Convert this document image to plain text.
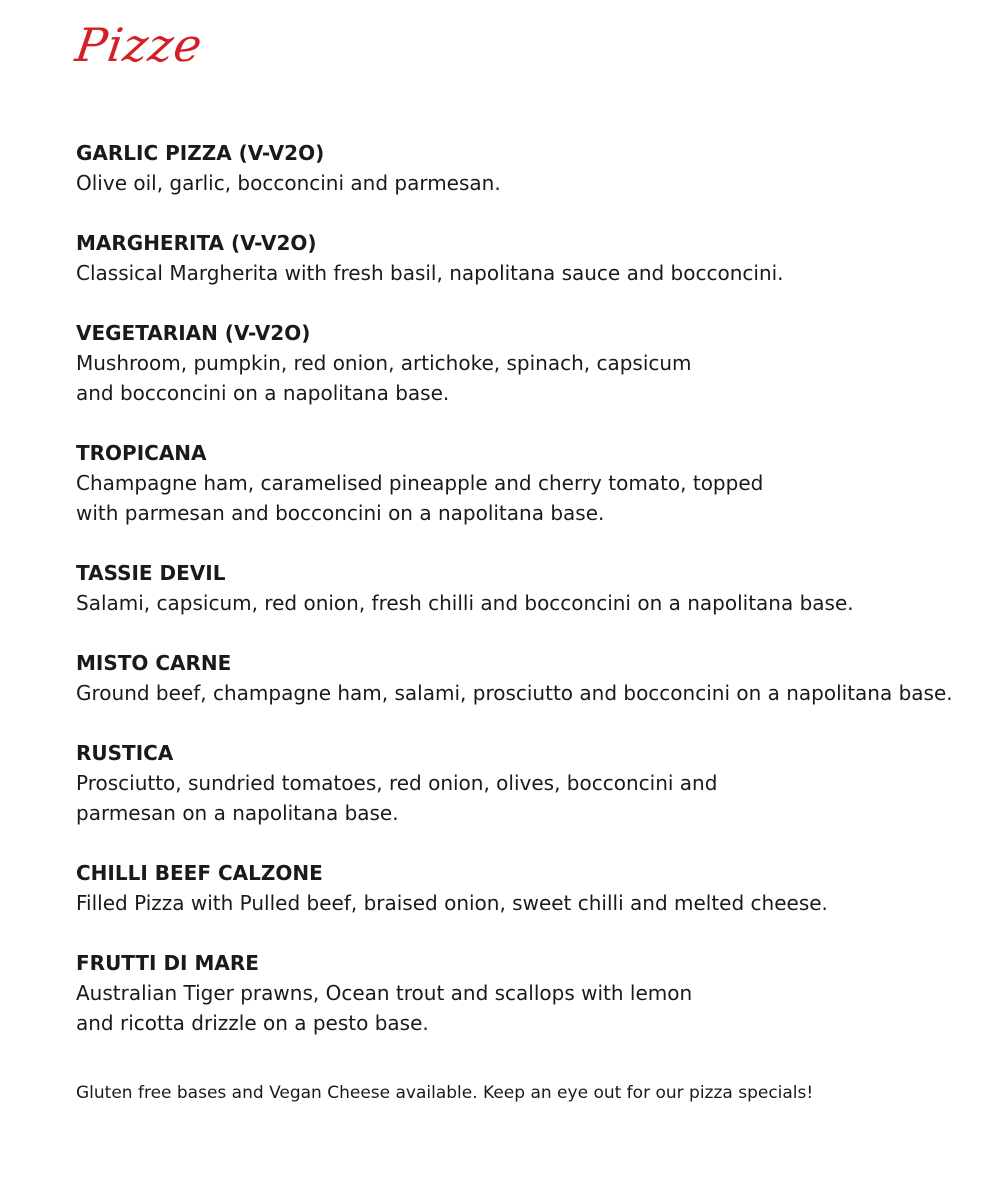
Pizze

GARLIC PIZZA (V-V2O)

Olive oil, garlic, bocconcini and parmesan.

MARGHERITA (V-V2O)

Classical Margherita with fresh basil, napolitana sauce and bocconcini.

VEGETARIAN (V-V2O)

Mushroom, pumpkin, red onion, artichoke, spinach, capsicum

and bocconcini on a napolitana base.

TROPICANA

Champagne ham, caramelised pineapple and cherry tomato, topped

with parmesan and bocconcini on a napolitana base.

TASSIE DEVIL

Salami, capsicum, red onion, fresh chilli and bocconcini on a napolitana base.

MISTO CARNE

Ground beef, champagne ham, salami, prosciutto and bocconcini on a napolitana base.

RUSTICA

Prosciutto, sundried tomatoes, red onion, olives, bocconcini and

parmesan on a napolitana base.

CHILLI BEEF CALZONE

Filled Pizza with Pulled beef, braised onion, sweet chilli and melted cheese.

FRUTTI DI MARE

Australian Tiger prawns, Ocean trout and scallops with lemon

and ricotta drizzle on a pesto base.

Gluten free bases and Vegan Cheese available. Keep an eye out for our pizza specials!
